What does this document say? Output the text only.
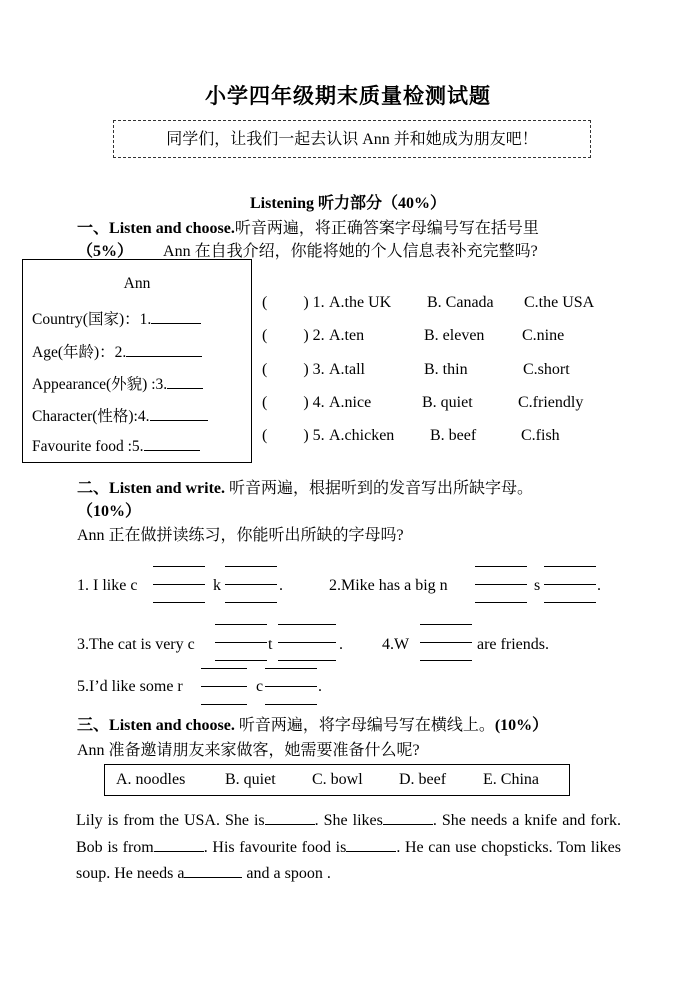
小学四年级期末质量检测试题
同学们，让我们一起去认识 Ann 并和她成为朋友吧！
Listening 听力部分（40%）
一、Listen and choose.听音两遍，将正确答案字母编号写在括号里
（5%） Ann 在自我介绍，你能将她的个人信息表补充完整吗?
Ann
Country(国家)：1.
Age(年龄)：2.
Appearance(外貌) :3.
Character(性格):4.
Favourite food :5.
( ) 1. A.the UK B. Canada C.the USA
( ) 2. A.ten	B. eleven C.nine
( ) 3. A.tall	B. thin	C.short
( ) 4. A.nice	B. quiet	C.friendly
( ) 5. A.chicken B. beef	C.fish
二、Listen and write. 听音两遍，根据听到的发音写出所缺字母。
（10%）
Ann 正在做拼读练习，你能听出所缺的字母吗?
1. I like c	k	.	2.Mike has a big n	s	.
3.The cat is very c	t	. 4.W	are friends.
5.I’d like some r	c	.
三、Listen and choose. 听音两遍，将字母编号写在横线上。(10%）
Ann 准备邀请朋友来家做客，她需要准备什么呢?
A. noodles B. quiet C. bowl D. beef E. China
Lily is from the USA. She is	. She likes	. She needs a knife and fork. Bob is from	. His favourite food is	. He can use chopsticks. Tom likes soup. He needs a	and a spoon .
